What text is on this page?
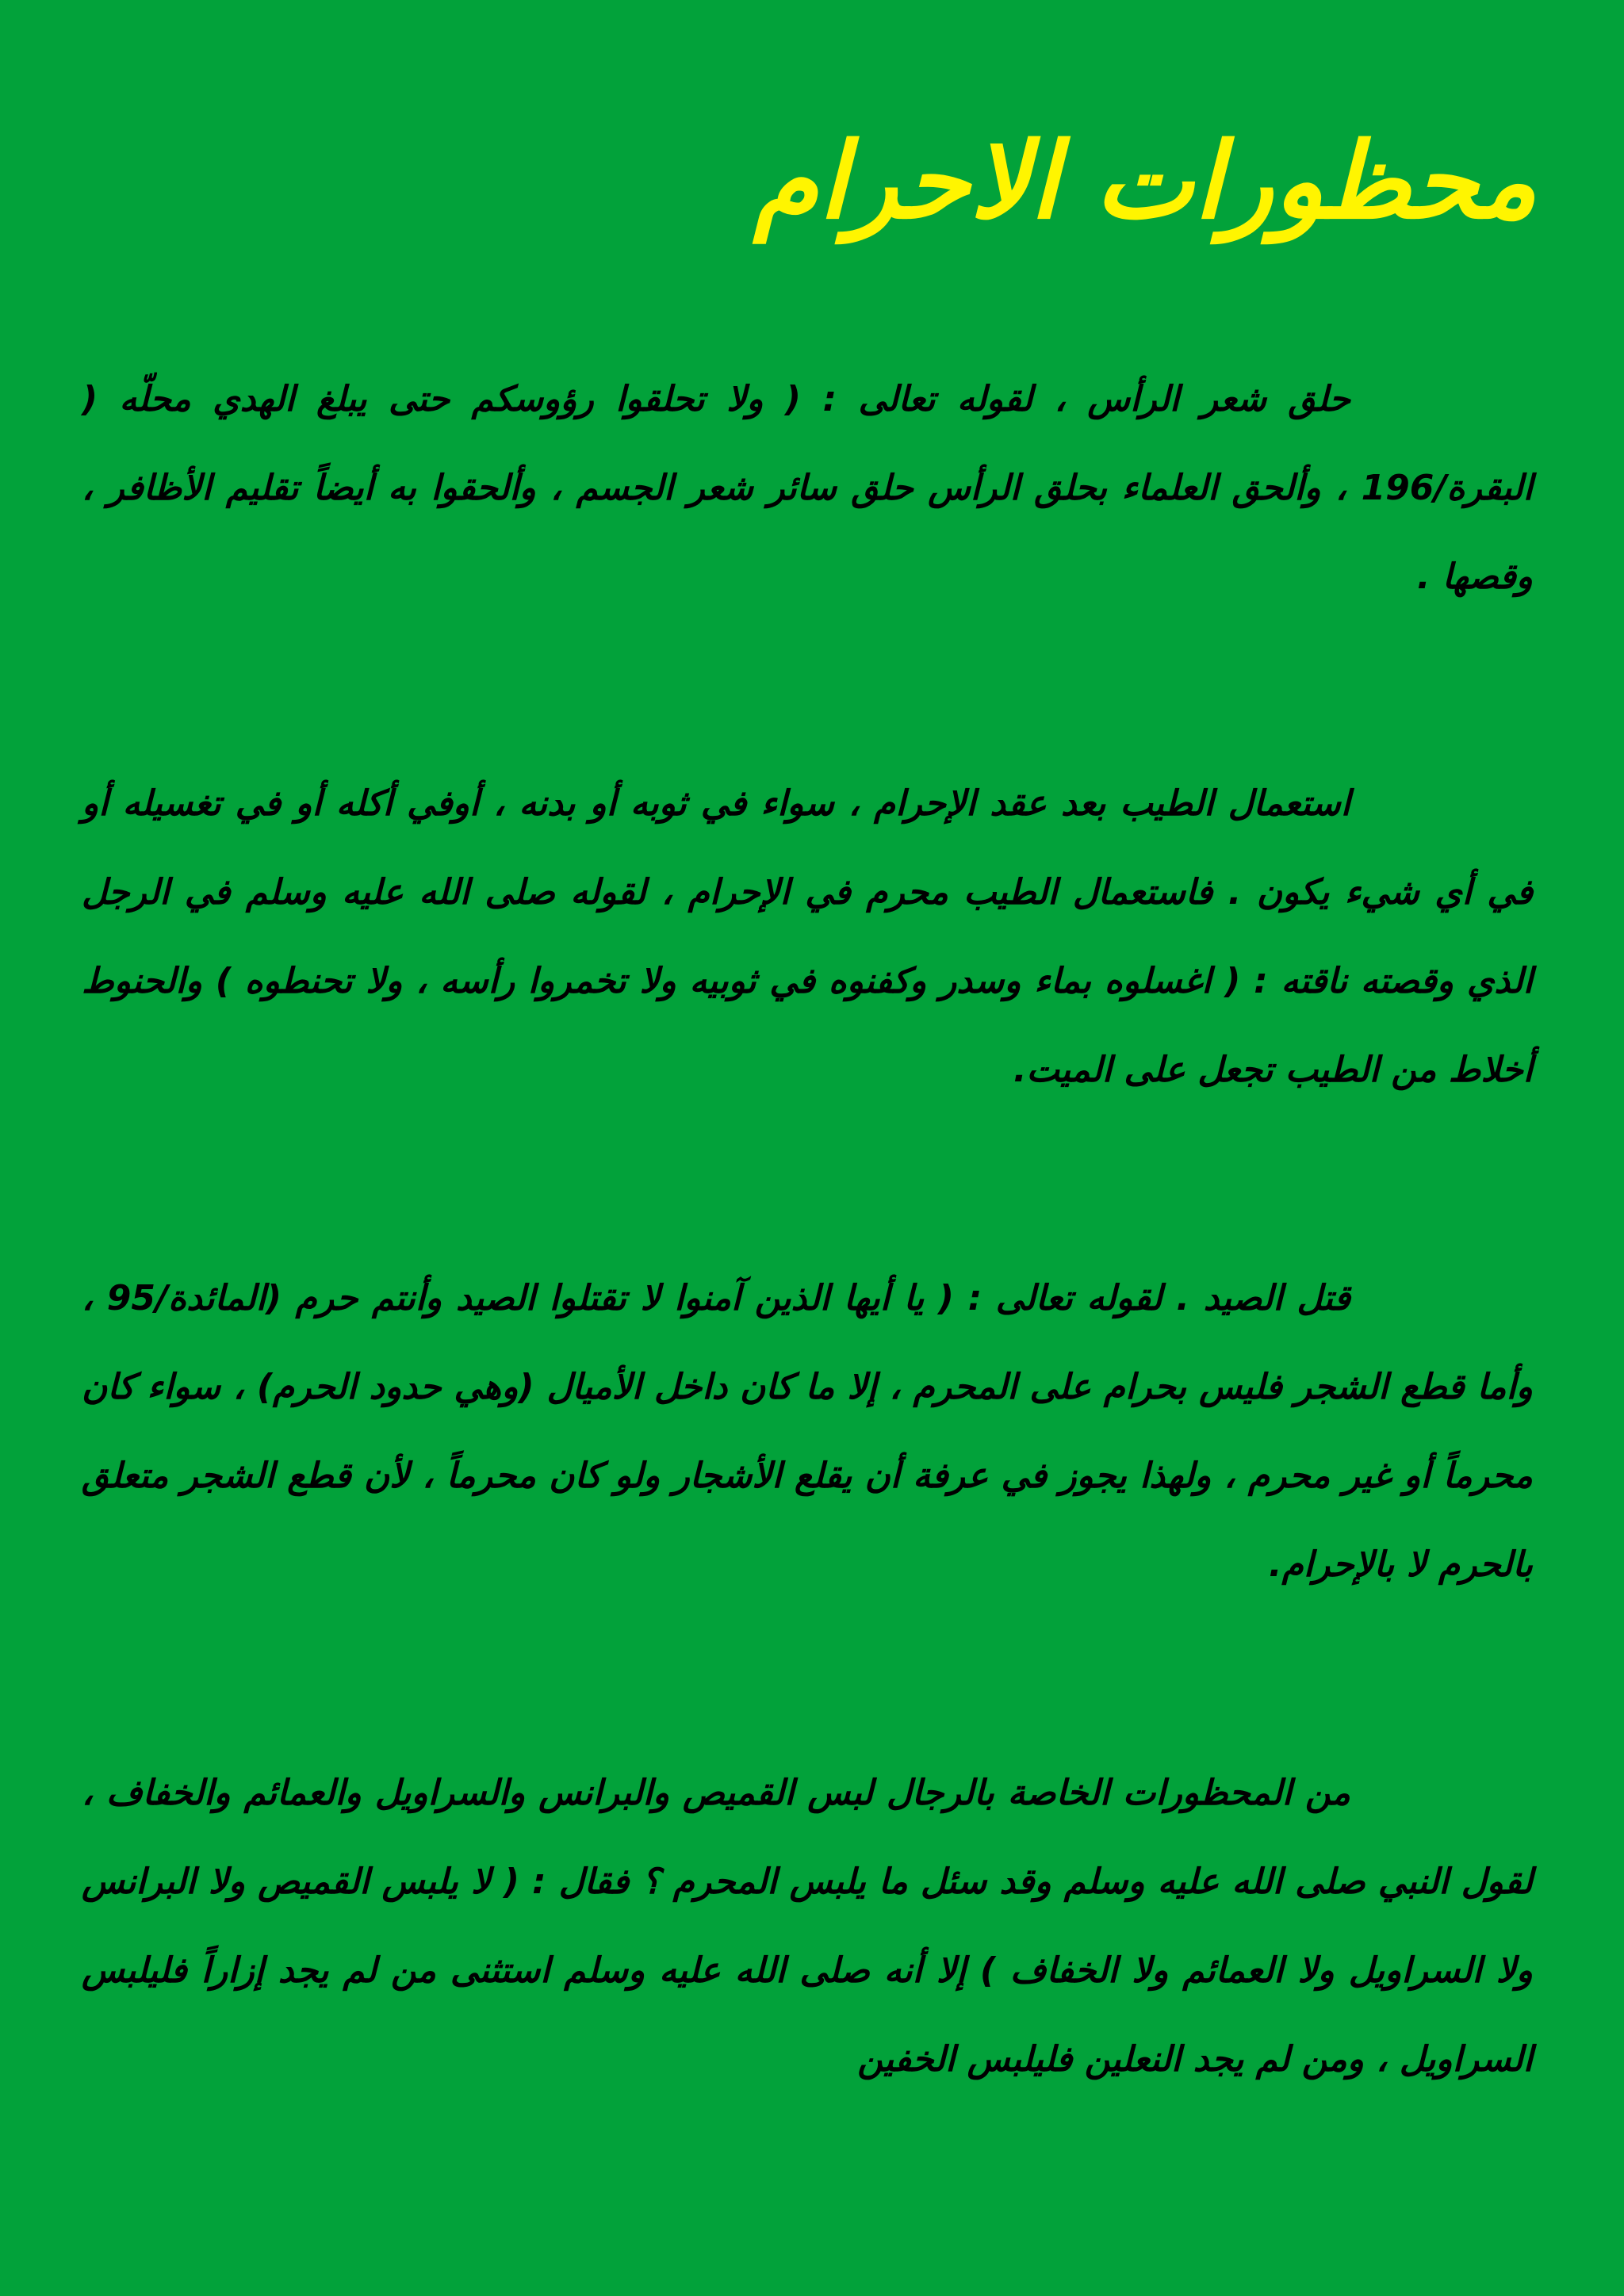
محظورات الاحرام

حلق شعر الرأس ، لقوله تعالى : ( ولا تحلقوا رؤوسكم حتى يبلغ الهدي محلّه ( البقرة/196 ، وألحق العلماء بحلق الرأس حلق سائر شعر الجسم ، وألحقوا به أيضاً تقليم الأظافر ، وقصها .

استعمال الطيب بعد عقد الإحرام ، سواء في ثوبه أو بدنه ، أوفي أكله أو في تغسيله أو في أي شيء يكون . فاستعمال الطيب محرم في الإحرام ، لقوله صلى الله عليه وسلم في الرجل الذي وقصته ناقته : ( اغسلوه بماء وسدر وكفنوه في ثوبيه ولا تخمروا رأسه ، ولا تحنطوه ) والحنوط أخلاط من الطيب تجعل على الميت.

قتل الصيد . لقوله تعالى : ( يا أيها الذين آمنوا لا تقتلوا الصيد وأنتم حرم (المائدة/95 ، وأما قطع الشجر فليس بحرام على المحرم ، إلا ما كان داخل الأميال (وهي حدود الحرم) ، سواء كان محرماً أو غير محرم ، ولهذا يجوز في عرفة أن يقلع الأشجار ولو كان محرماً ، لأن قطع الشجر متعلق بالحرم لا بالإحرام.

من المحظورات الخاصة بالرجال لبس القميص والبرانس والسراويل والعمائم والخفاف ، لقول النبي صلى الله عليه وسلم وقد سئل ما يلبس المحرم ؟ فقال : ( لا يلبس القميص ولا البرانس ولا السراويل ولا العمائم ولا الخفاف ) إلا أنه صلى الله عليه وسلم استثنى من لم يجد إزاراً فليلبس السراويل ، ومن لم يجد النعلين فليلبس الخفين
